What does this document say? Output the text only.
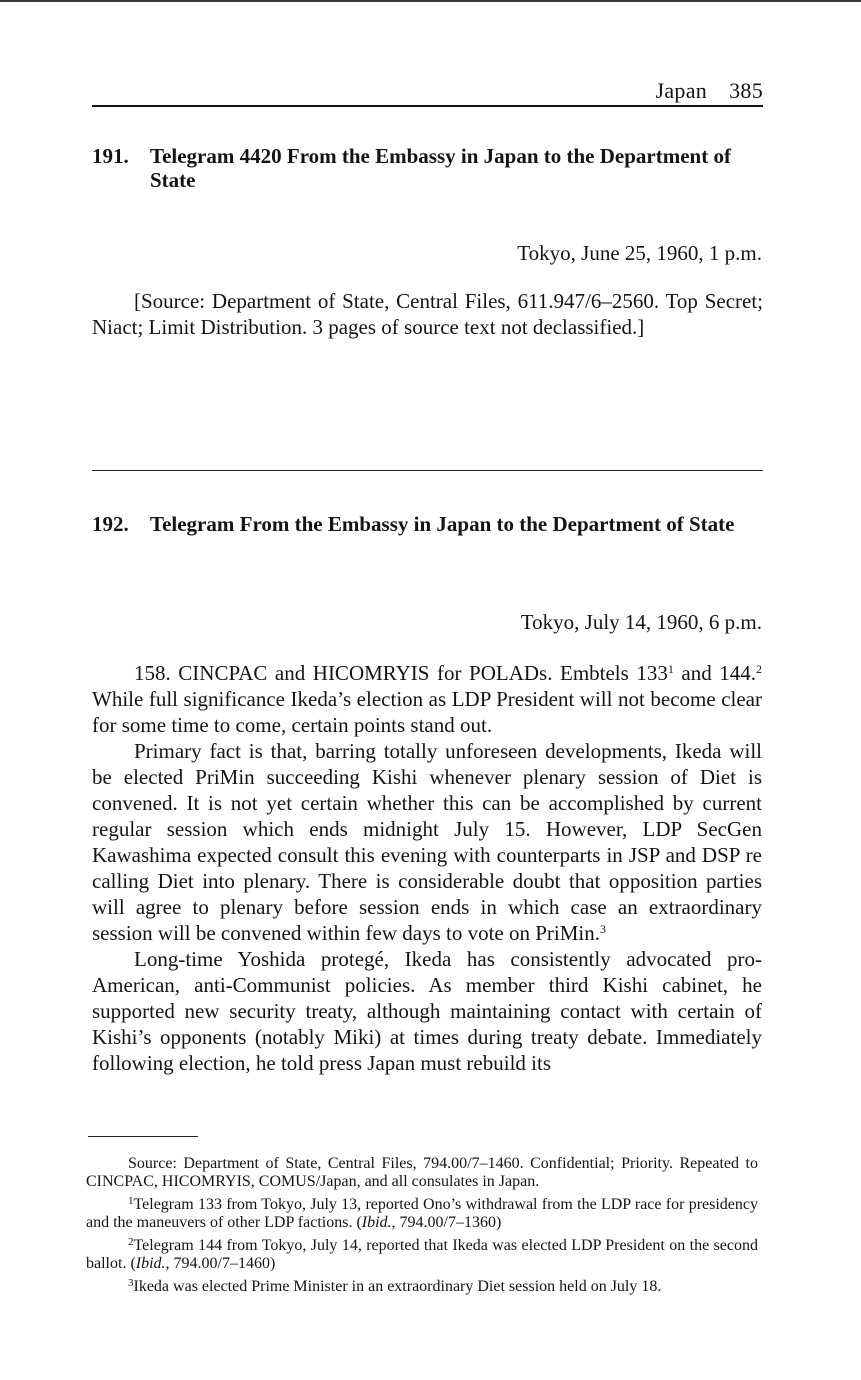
Japan 385
191.	Telegram 4420 From the Embassy in Japan to the Department of State
Tokyo, June 25, 1960, 1 p.m.

[Source: Department of State, Central Files, 611.947/6–2560. Top Secret; Niact; Limit Distribution. 3 pages of source text not declassified.]

192.	Telegram From the Embassy in Japan to the Department of State
Tokyo, July 14, 1960, 6 p.m.

158. CINCPAC and HICOMRYIS for POLADs. Embtels 133$^1$ and 144.$^2$ While full significance Ikeda’s election as LDP President will not become clear for some time to come, certain points stand out.

Primary fact is that, barring totally unforeseen developments, Ikeda will be elected PriMin succeeding Kishi whenever plenary session of Diet is convened. It is not yet certain whether this can be accomplished by current regular session which ends midnight July 15. However, LDP SecGen Kawashima expected consult this evening with counterparts in JSP and DSP re calling Diet into plenary. There is considerable doubt that opposition parties will agree to plenary before session ends in which case an extraordinary session will be convened within few days to vote on PriMin.$^3$

Long-time Yoshida protegé, Ikeda has consistently advocated pro-American, anti-Communist policies. As member third Kishi cabinet, he supported new security treaty, although maintaining contact with certain of Kishi’s opponents (notably Miki) at times during treaty debate. Immediately following election, he told press Japan must rebuild its

Source: Department of State, Central Files, 794.00/7–1460. Confidential; Priority. Repeated to CINCPAC, HICOMRYIS, COMUS/Japan, and all consulates in Japan.

$^1$Telegram 133 from Tokyo, July 13, reported Ono’s withdrawal from the LDP race for presidency and the maneuvers of other LDP factions. (Ibid., 794.00/7–1360)

$^2$Telegram 144 from Tokyo, July 14, reported that Ikeda was elected LDP President on the second ballot. (Ibid., 794.00/7–1460)

$^3$Ikeda was elected Prime Minister in an extraordinary Diet session held on July 18.
